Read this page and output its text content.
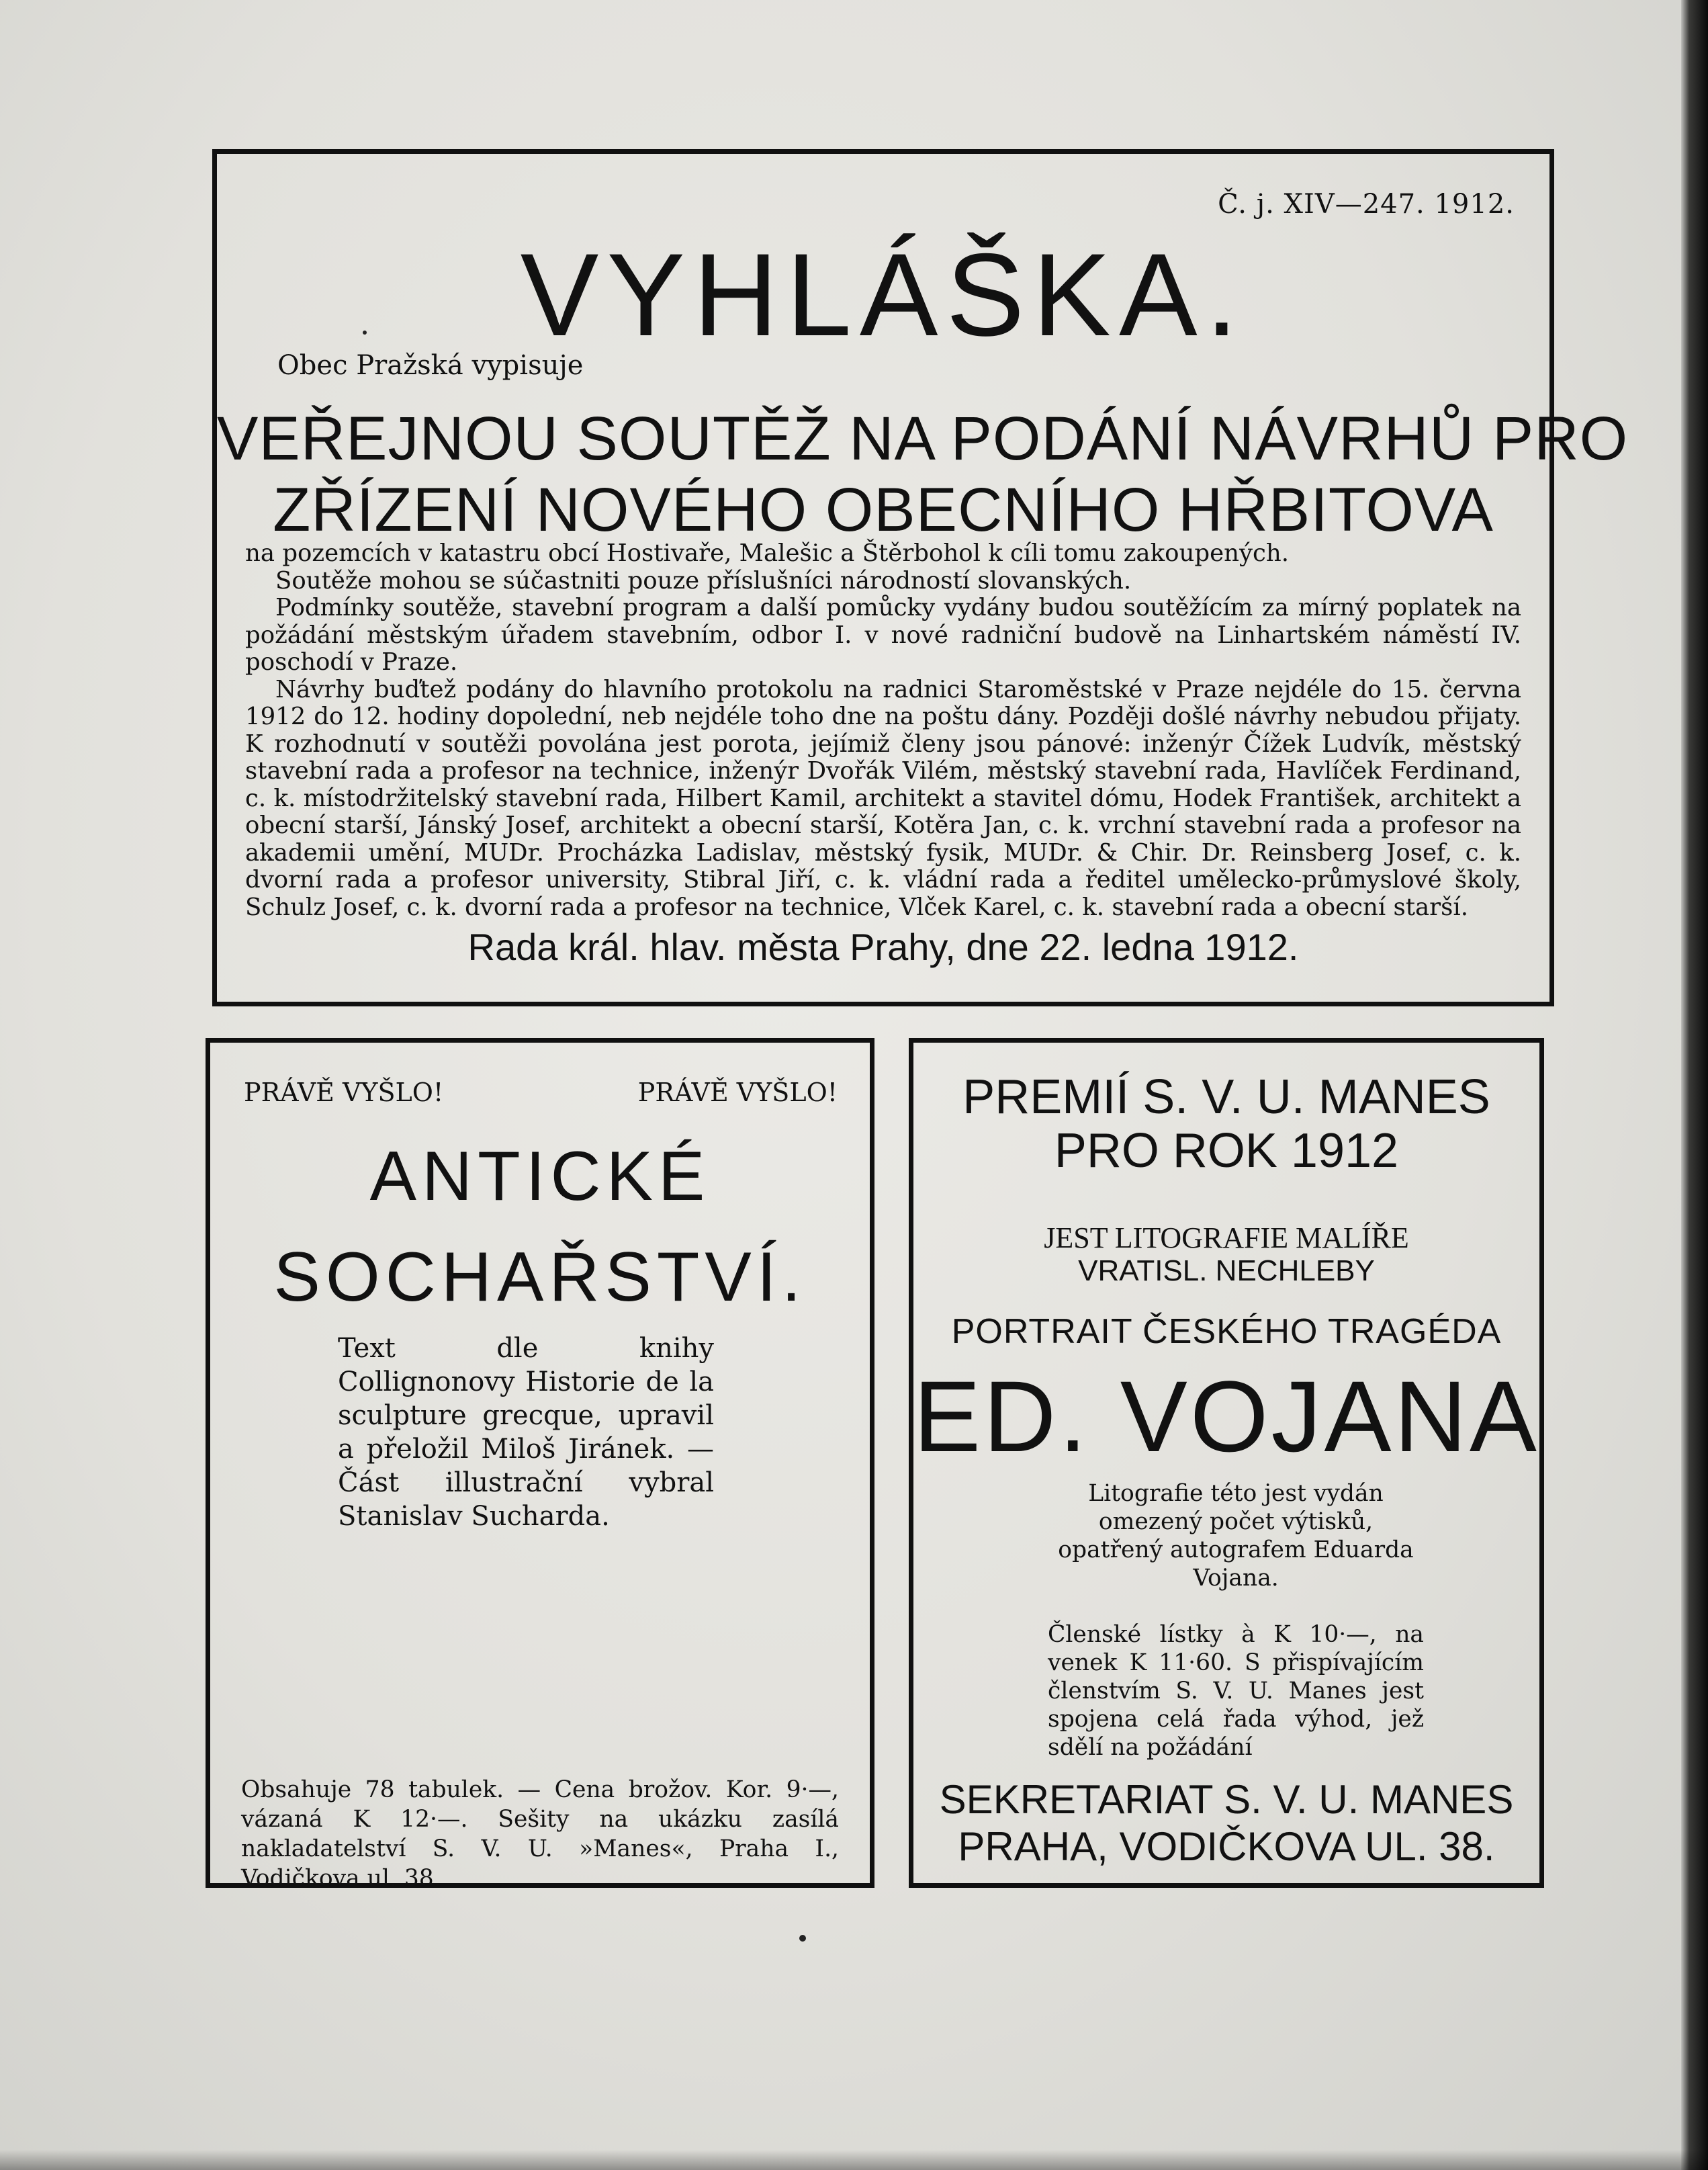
Č. j. XIV—247. 1912.
VYHLÁŠKA.
Obec Pražská vypisuje
VEŘEJNOU SOUTĚŽ NA PODÁNÍ NÁVRHŮ PRO
ZŘÍZENÍ NOVÉHO OBECNÍHO HŘBITOVA

na pozemcích v katastru obcí Hostivaře, Malešic a Štěrbohol k cíli tomu zakoupených.

Soutěže mohou se súčastniti pouze příslušníci národností slovanských.

Podmínky soutěže, stavební program a další pomůcky vydány budou soutěžícím za mírný poplatek na požádání městským úřadem stavebním, odbor I. v nové radniční budově na Linhartském náměstí IV. poschodí v Praze.

Návrhy buďtež podány do hlavního protokolu na radnici Staroměstské v Praze nejdéle do 15. června 1912 do 12. hodiny dopolední, neb nejdéle toho dne na poštu dány. Později došlé návrhy nebudou přijaty. K rozhodnutí v soutěži povolána jest porota, jejímiž členy jsou pánové: inženýr Čížek Ludvík, městský stavební rada a profesor na technice, inženýr Dvořák Vilém, městský stavební rada, Havlíček Ferdinand, c. k. místodržitelský stavební rada, Hilbert Kamil, architekt a stavitel dómu, Hodek František, architekt a obecní starší, Jánský Josef, architekt a obecní starší, Kotěra Jan, c. k. vrchní stavební rada a profesor na akademii umění, MUDr. Procházka Ladislav, městský fysik, MUDr. & Chir. Dr. Reinsberg Josef, c. k. dvorní rada a profesor university, Stibral Jiří, c. k. vládní rada a ředitel umělecko-průmyslové školy, Schulz Josef, c. k. dvorní rada a profesor na technice, Vlček Karel, c. k. stavební rada a obecní starší.

Rada král. hlav. města Prahy, dne 22. ledna 1912.
PRÁVĚ VYŠLO!	PRÁVĚ VYŠLO!
ANTICKÉ
SOCHAŘSTVÍ.
Text dle knihy Collignonovy Historie de la sculpture grecque, upravil a přeložil Miloš Jiránek. — Část illustrační vybral Stanislav Sucharda.
Obsahuje 78 tabulek. — Cena brožov. Kor. 9·—, vázaná K 12·—. Sešity na ukázku zasílá nakladatelství S. V. U. »Manes«, Praha I., Vodičkova ul. 38.
PREMIÍ S. V. U. MANES
PRO ROK 1912
JEST LITOGRAFIE MALÍŘE
VRATISL. NECHLEBY
PORTRAIT ČESKÉHO TRAGÉDA
ED. VOJANA
Litografie této jest vydán omezený počet výtisků, opatřený autografem Eduarda Vojana.
Členské lístky à K 10·—, na venek K 11·60. S přispívajícím členstvím S. V. U. Manes jest spojena celá řada výhod, jež sdělí na požádání
SEKRETARIAT S. V. U. MANES
PRAHA, VODIČKOVA UL. 38.
